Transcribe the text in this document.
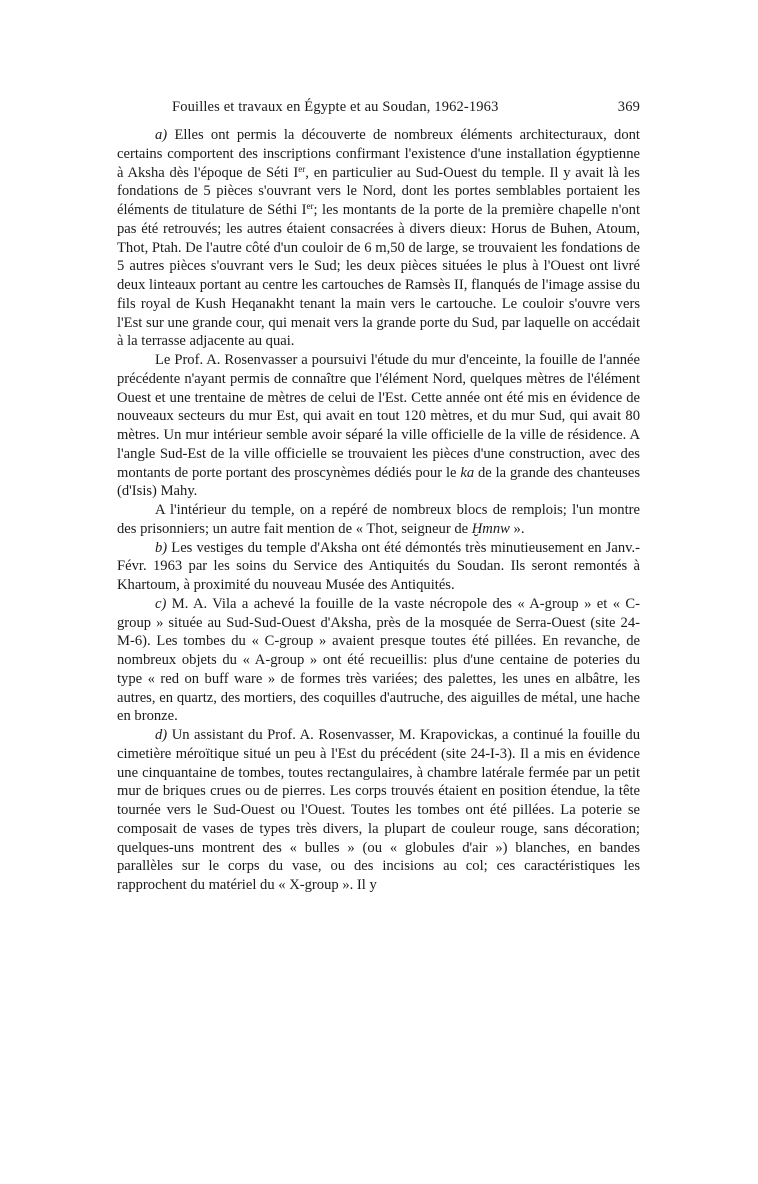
Fouilles et travaux en Égypte et au Soudan, 1962-1963	369

a) Elles ont permis la découverte de nombreux éléments architecturaux, dont certains comportent des inscriptions confirmant l'existence d'une installation égyptienne à Aksha dès l'époque de Séti Ier, en particulier au Sud-Ouest du temple. Il y avait là les fondations de 5 pièces s'ouvrant vers le Nord, dont les portes semblables portaient les éléments de titulature de Séthi Ier; les montants de la porte de la première chapelle n'ont pas été retrouvés; les autres étaient consacrées à divers dieux: Horus de Buhen, Atoum, Thot, Ptah. De l'autre côté d'un couloir de 6 m,50 de large, se trouvaient les fondations de 5 autres pièces s'ouvrant vers le Sud; les deux pièces situées le plus à l'Ouest ont livré deux linteaux portant au centre les cartouches de Ramsès II, flanqués de l'image assise du fils royal de Kush Heqanakht tenant la main vers le cartouche. Le couloir s'ouvre vers l'Est sur une grande cour, qui menait vers la grande porte du Sud, par laquelle on accédait à la terrasse adjacente au quai.

Le Prof. A. Rosenvasser a poursuivi l'étude du mur d'enceinte, la fouille de l'année précédente n'ayant permis de connaître que l'élément Nord, quelques mètres de l'élément Ouest et une trentaine de mètres de celui de l'Est. Cette année ont été mis en évidence de nouveaux secteurs du mur Est, qui avait en tout 120 mètres, et du mur Sud, qui avait 80 mètres. Un mur intérieur semble avoir séparé la ville officielle de la ville de résidence. A l'angle Sud-Est de la ville officielle se trouvaient les pièces d'une construction, avec des montants de porte portant des proscynèmes dédiés pour le ka de la grande des chanteuses (d'Isis) Mahy.

A l'intérieur du temple, on a repéré de nombreux blocs de remplois; l'un montre des prisonniers; un autre fait mention de « Thot, seigneur de Ḫmnw ».

b) Les vestiges du temple d'Aksha ont été démontés très minutieusement en Janv.-Févr. 1963 par les soins du Service des Antiquités du Soudan. Ils seront remontés à Khartoum, à proximité du nouveau Musée des Antiquités.

c) M. A. Vila a achevé la fouille de la vaste nécropole des « A-group » et « C-group » située au Sud-Sud-Ouest d'Aksha, près de la mosquée de Serra-Ouest (site 24-M-6). Les tombes du « C-group » avaient presque toutes été pillées. En revanche, de nombreux objets du « A-group » ont été recueillis: plus d'une centaine de poteries du type « red on buff ware » de formes très variées; des palettes, les unes en albâtre, les autres, en quartz, des mortiers, des coquilles d'autruche, des aiguilles de métal, une hache en bronze.

d) Un assistant du Prof. A. Rosenvasser, M. Krapovickas, a continué la fouille du cimetière méroïtique situé un peu à l'Est du précédent (site 24-I-3). Il a mis en évidence une cinquantaine de tombes, toutes rectangulaires, à chambre latérale fermée par un petit mur de briques crues ou de pierres. Les corps trouvés étaient en position étendue, la tête tournée vers le Sud-Ouest ou l'Ouest. Toutes les tombes ont été pillées. La poterie se composait de vases de types très divers, la plupart de couleur rouge, sans décoration; quelques-uns montrent des « bulles » (ou « globules d'air ») blanches, en bandes parallèles sur le corps du vase, ou des incisions au col; ces caractéristiques les rapprochent du matériel du « X-group ». Il y
